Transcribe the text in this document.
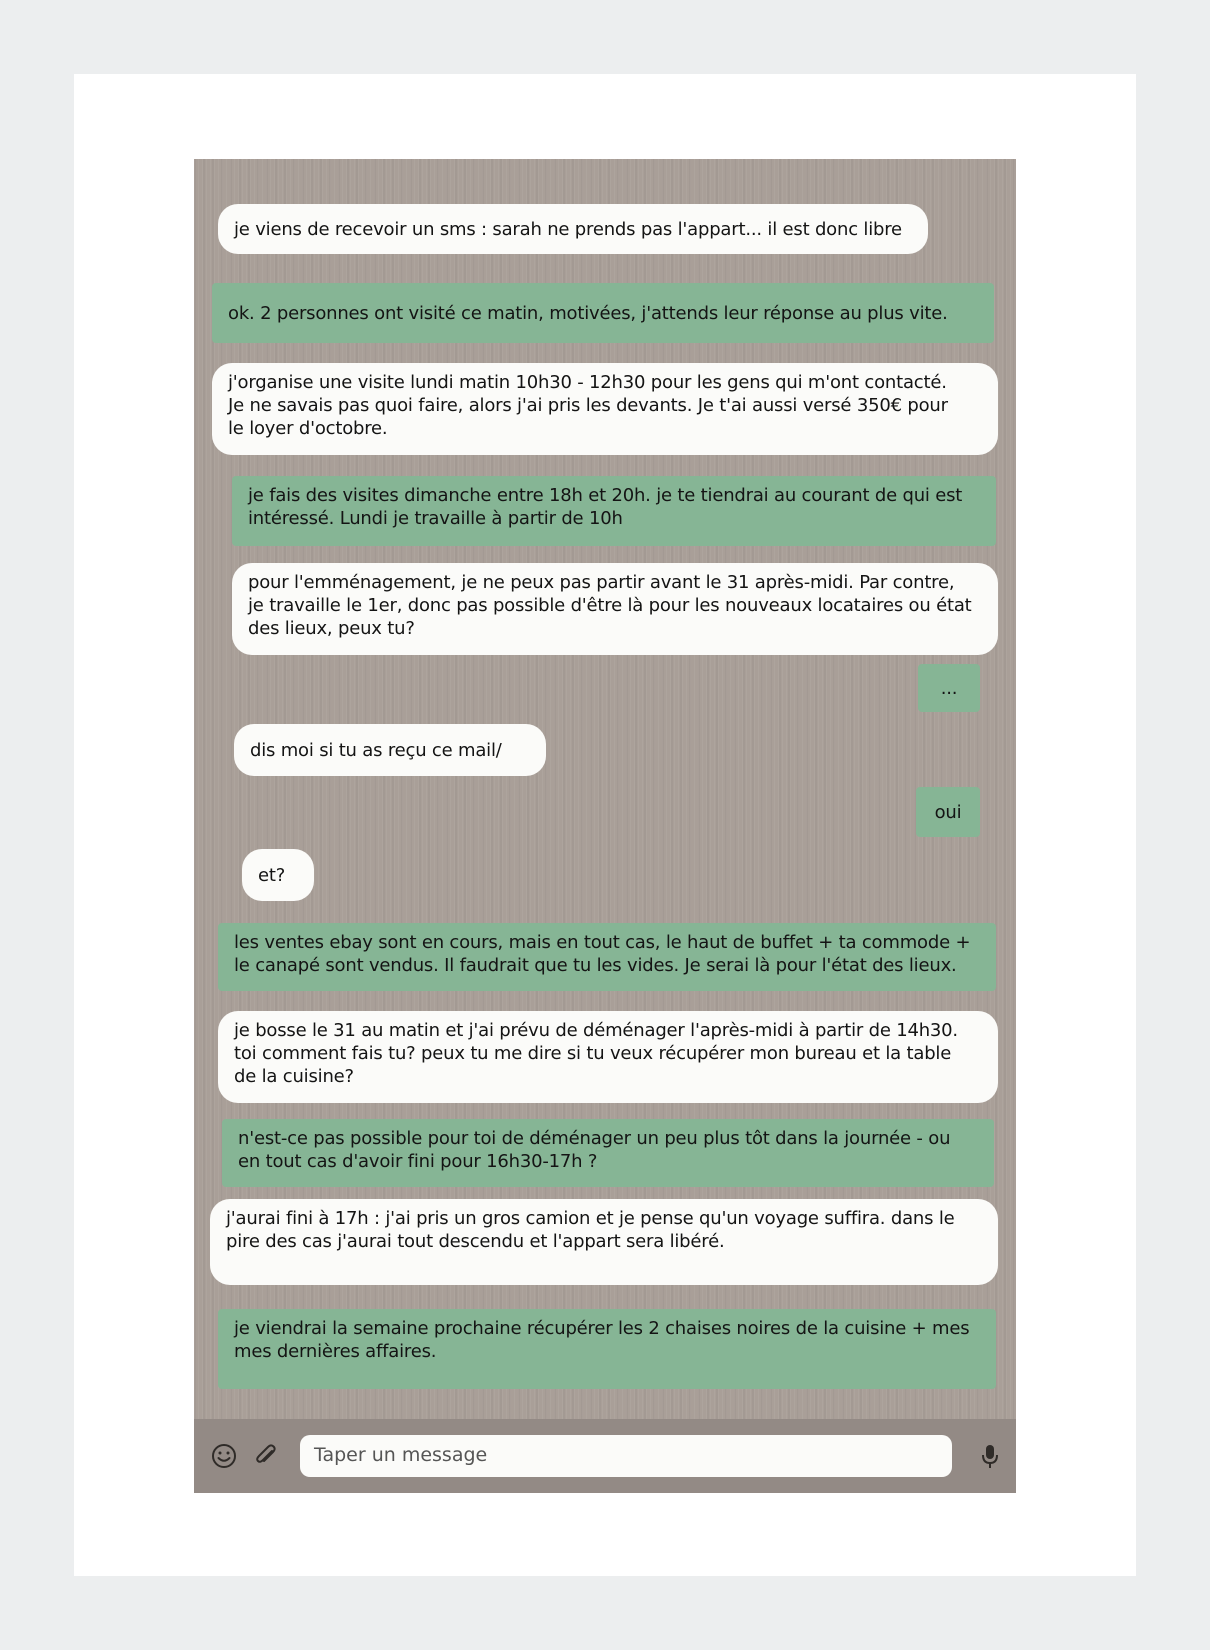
je viens de recevoir un sms : sarah ne prends pas l'appart... il est donc libre
ok. 2 personnes ont visité ce matin, motivées, j'attends leur réponse au plus vite.
j'organise une visite lundi matin 10h30 - 12h30 pour les gens qui m'ont contacté.
Je ne savais pas quoi faire, alors j'ai pris les devants. Je t'ai aussi versé 350€ pour
le loyer d'octobre.
je fais des visites dimanche entre 18h et 20h. je te tiendrai au courant de qui est
intéressé. Lundi je travaille à partir de 10h
pour l'emménagement, je ne peux pas partir avant le 31 après-midi. Par contre,
je travaille le 1er, donc pas possible d'être là pour les nouveaux locataires ou état
des lieux, peux tu?
...
dis moi si tu as reçu ce mail/
oui
et?
les ventes ebay sont en cours, mais en tout cas, le haut de buffet + ta commode +
le canapé sont vendus. Il faudrait que tu les vides. Je serai là pour l'état des lieux.
je bosse le 31 au matin et j'ai prévu de déménager l'après-midi à partir de 14h30.
toi comment fais tu? peux tu me dire si tu veux récupérer mon bureau et la table
de la cuisine?
n'est-ce pas possible pour toi de déménager un peu plus tôt dans la journée - ou
en tout cas d'avoir fini pour 16h30-17h ?
j'aurai fini à 17h : j'ai pris un gros camion et je pense qu'un voyage suffira. dans le
pire des cas j'aurai tout descendu et l'appart sera libéré.
je viendrai la semaine prochaine récupérer les 2 chaises noires de la cuisine + mes
mes dernières affaires.
Taper un message
